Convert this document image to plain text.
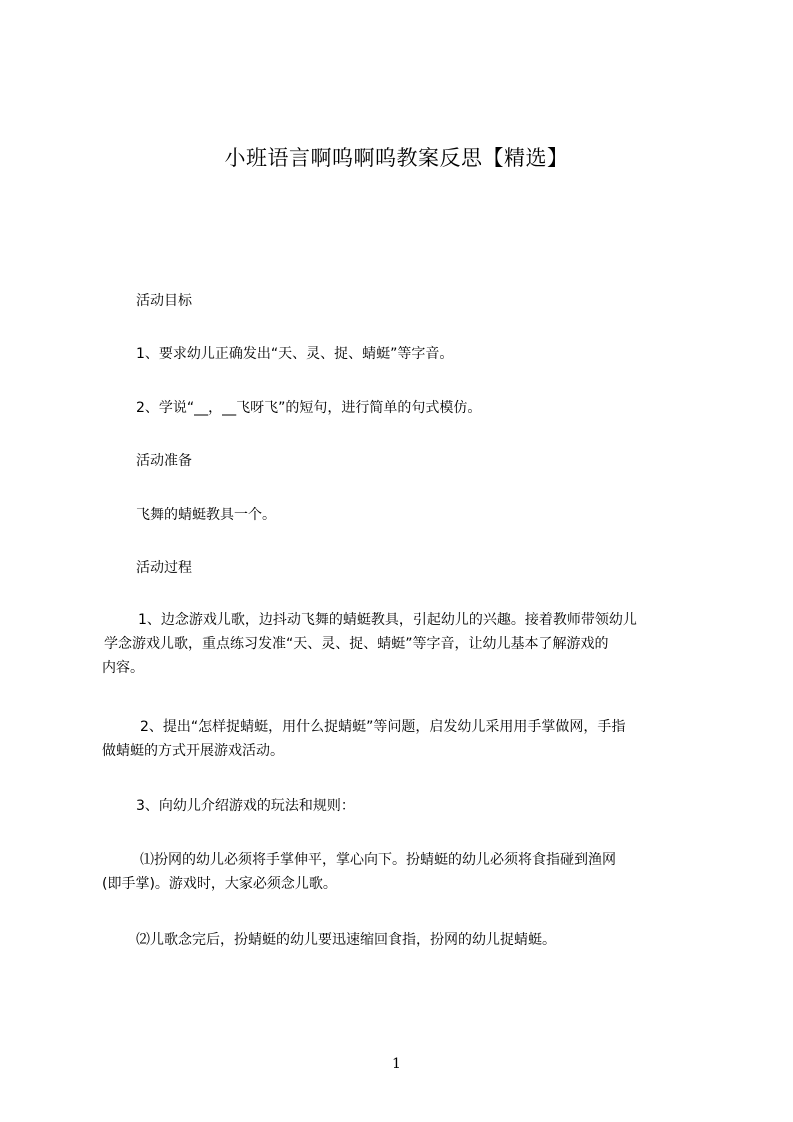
小班语言啊呜啊呜教案反思【精选】
活动目标
1、要求幼儿正确发出“天、灵、捉、蜻蜓”等字音。
2、学说“__，__飞呀飞”的短句，进行简单的句式模仿。
活动准备
飞舞的蜻蜓教具一个。
活动过程

1、边念游戏儿歌，边抖动飞舞的蜻蜓教具，引起幼儿的兴趣。接着教师带领幼儿

学念游戏儿歌，重点练习发准“天、灵、捉、蜻蜓”等字音，让幼儿基本了解游戏的

内容。

2、提出“怎样捉蜻蜓，用什么捉蜻蜓”等问题，启发幼儿采用用手掌做网，手指

做蜻蜓的方式开展游戏活动。

3、向幼儿介绍游戏的玩法和规则：

⑴扮网的幼儿必须将手掌伸平，掌心向下。扮蜻蜓的幼儿必须将食指碰到渔网

(即手掌)。游戏时，大家必须念儿歌。

⑵儿歌念完后，扮蜻蜓的幼儿要迅速缩回食指，扮网的幼儿捉蜻蜓。
1
